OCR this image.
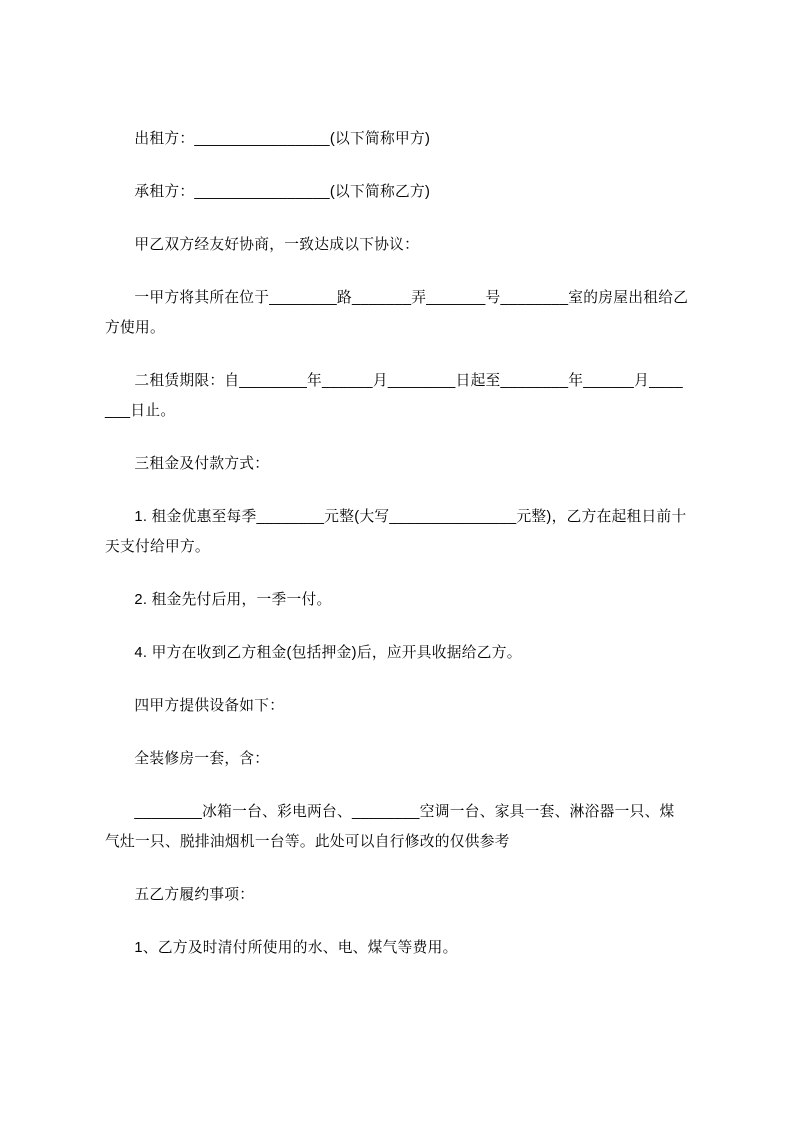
出租方：________________(以下简称甲方)

承租方：________________(以下简称乙方)

甲乙双方经友好协商，一致达成以下协议：

一甲方将其所在位于________路_______弄_______号________室的房屋出租给乙方使用。

二租赁期限：自________年______月________日起至________年______月_______日止。

三租金及付款方式：

1. 租金优惠至每季________元整(大写_______________元整)，乙方在起租日前十天支付给甲方。

2. 租金先付后用，一季一付。

4. 甲方在收到乙方租金(包括押金)后，应开具收据给乙方。

四甲方提供设备如下：

全装修房一套，含：

________冰箱一台、彩电两台、________空调一台、家具一套、淋浴器一只、煤气灶一只、脱排油烟机一台等。此处可以自行修改的仅供参考

五乙方履约事项：

1、乙方及时清付所使用的水、电、煤气等费用。
